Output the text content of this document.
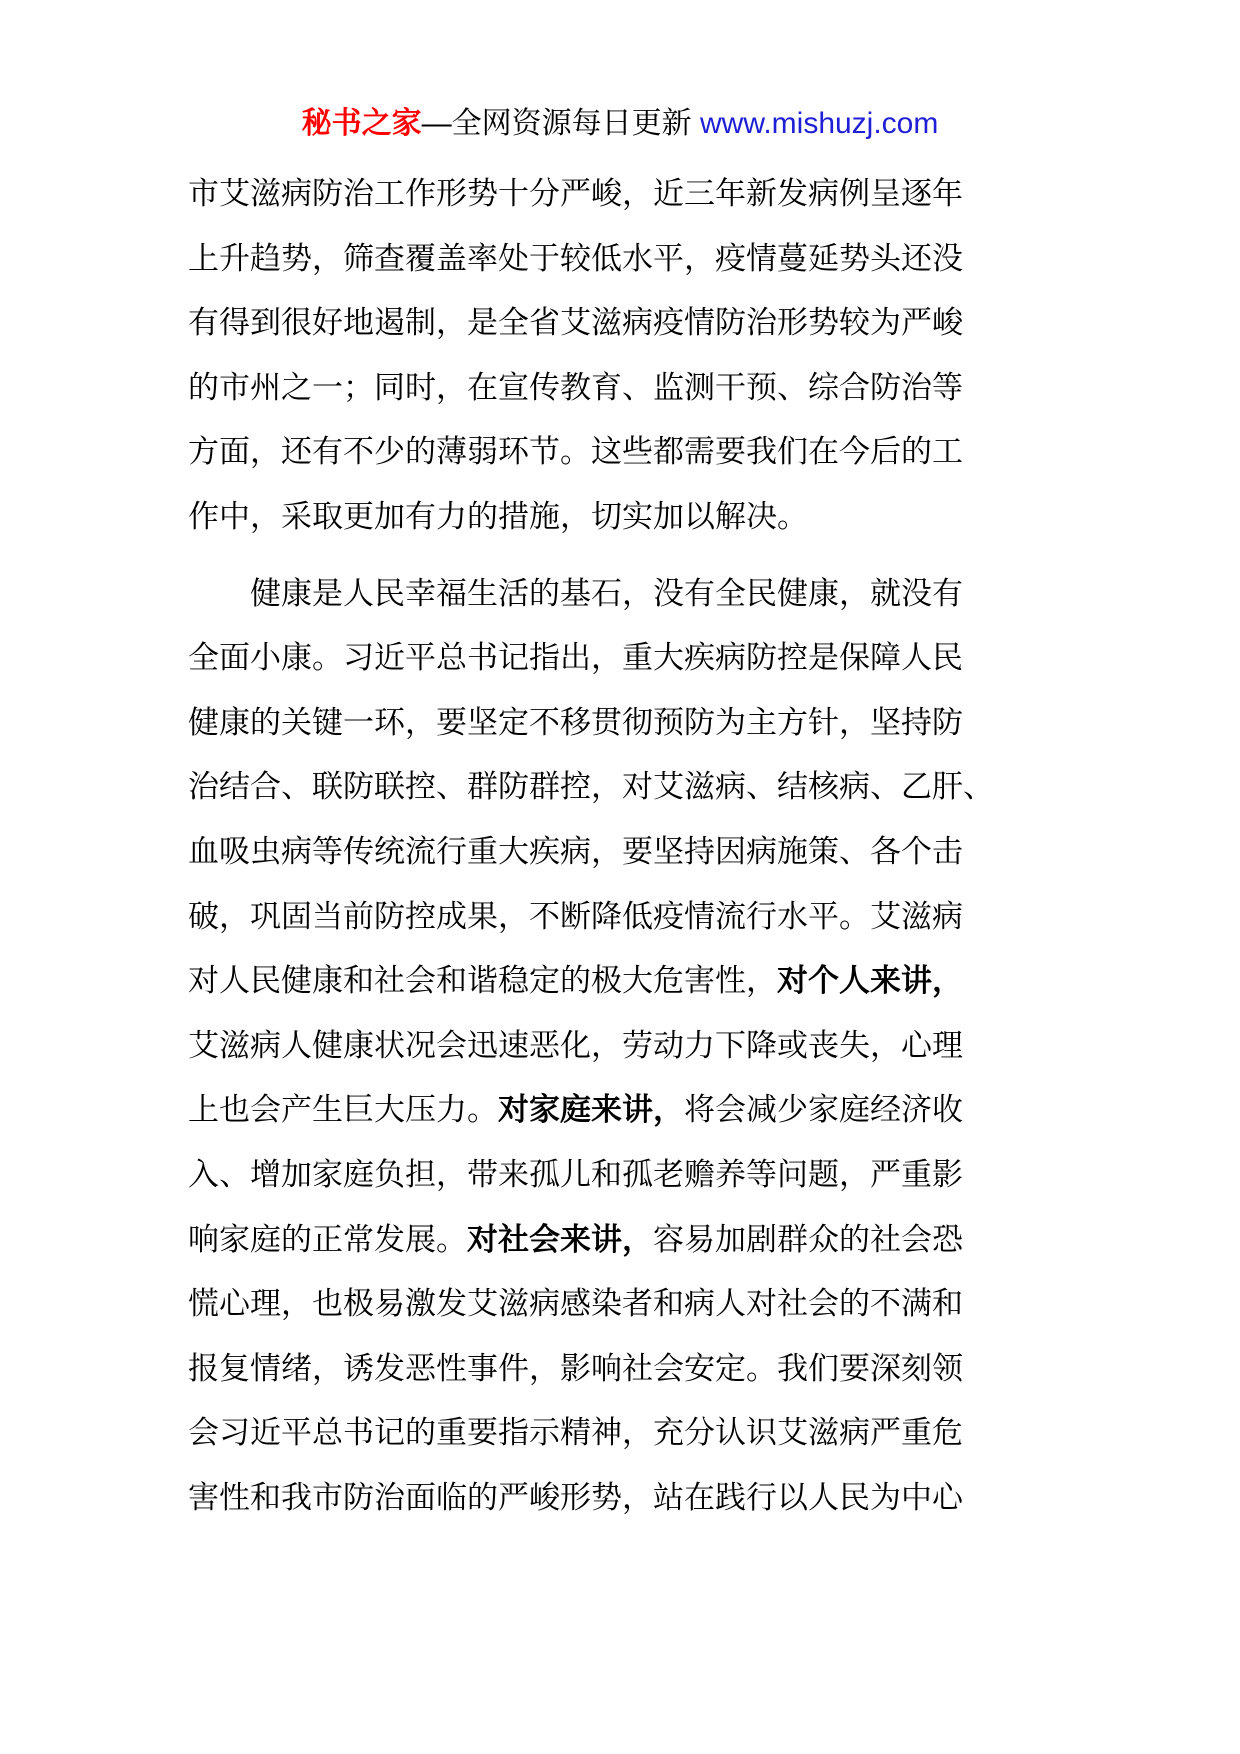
秘书之家—全网资源每日更新 www.mishuzj.com
市艾滋病防治工作形势十分严峻，近三年新发病例呈逐年
上升趋势，筛查覆盖率处于较低水平，疫情蔓延势头还没
有得到很好地遏制，是全省艾滋病疫情防治形势较为严峻
的市州之一；同时，在宣传教育、监测干预、综合防治等
方面，还有不少的薄弱环节。这些都需要我们在今后的工
作中，采取更加有力的措施，切实加以解决。
健康是人民幸福生活的基石，没有全民健康，就没有
全面小康。习近平总书记指出，重大疾病防控是保障人民
健康的关键一环，要坚定不移贯彻预防为主方针，坚持防
治结合、联防联控、群防群控，对艾滋病、结核病、乙肝、
血吸虫病等传统流行重大疾病，要坚持因病施策、各个击
破，巩固当前防控成果，不断降低疫情流行水平。艾滋病
对人民健康和社会和谐稳定的极大危害性，对个人来讲，
艾滋病人健康状况会迅速恶化，劳动力下降或丧失，心理
上也会产生巨大压力。对家庭来讲，将会减少家庭经济收
入、增加家庭负担，带来孤儿和孤老赡养等问题，严重影
响家庭的正常发展。对社会来讲，容易加剧群众的社会恐
慌心理，也极易激发艾滋病感染者和病人对社会的不满和
报复情绪，诱发恶性事件，影响社会安定。我们要深刻领
会习近平总书记的重要指示精神，充分认识艾滋病严重危
害性和我市防治面临的严峻形势，站在践行以人民为中心
